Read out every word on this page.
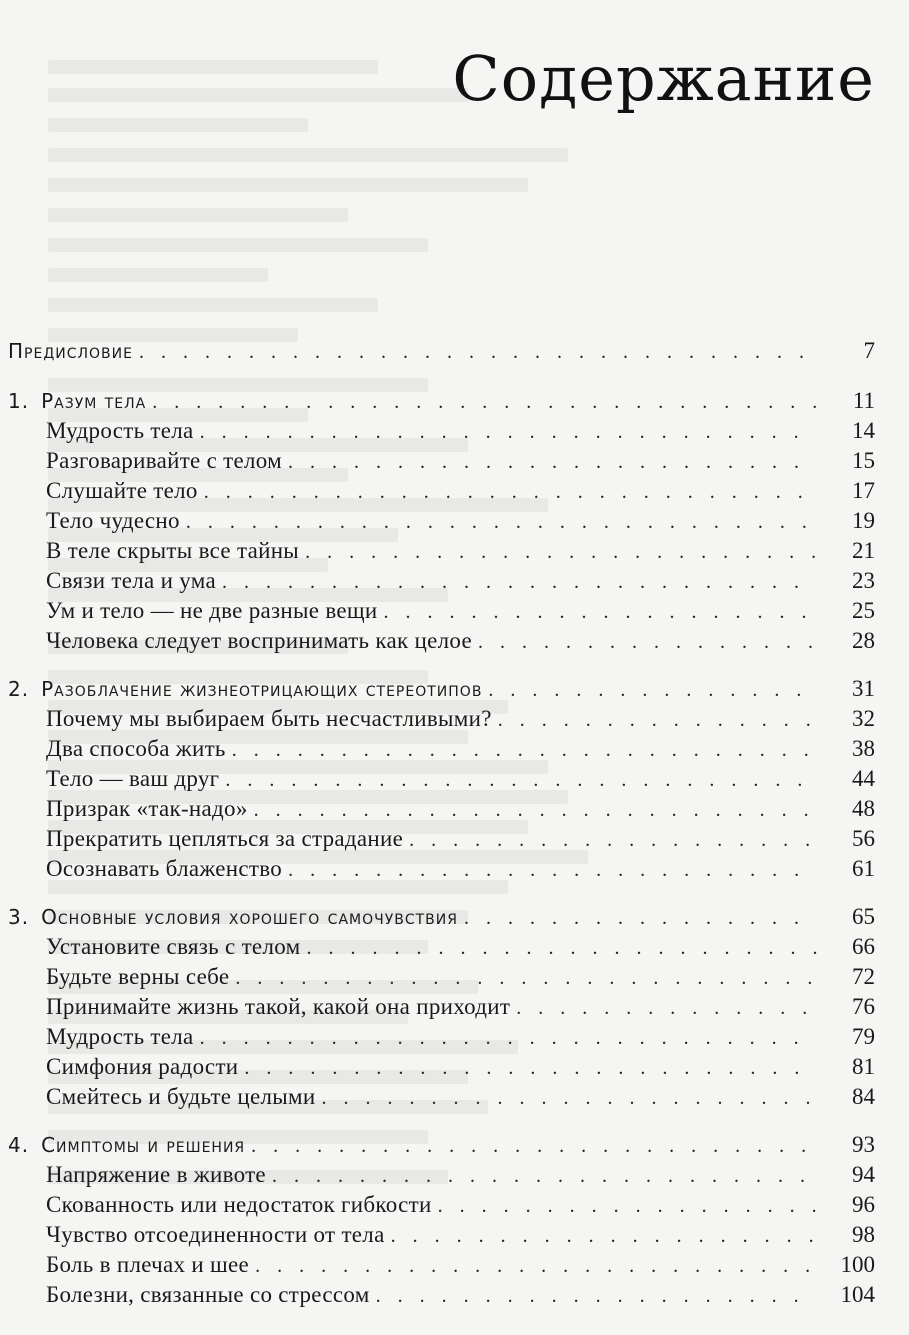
Содержание
Предисловие . . .	7
1. Разум тела . . .	11
Мудрость тела . . .	14
Разговаривайте с телом . . .	15
Слушайте тело . . .	17
Тело чудесно . . .	19
В теле скрыты все тайны . . .	21
Связи тела и ума . . .	23
Ум и тело — не две разные вещи . . .	25
Человека следует воспринимать как целое . . .	28
2. Разоблачение жизнеотрицающих стереотипов . . .	31
Почему мы выбираем быть несчастливыми? . . .	32
Два способа жить . . .	38
Тело — ваш друг . . .	44
Призрак «так-надо» . . .	48
Прекратить цепляться за страдание . . .	56
Осознавать блаженство . . .	61
3. Основные условия хорошего самочувствия . . .	65
Установите связь с телом . . .	66
Будьте верны себе . . .	72
Принимайте жизнь такой, какой она приходит . . .	76
Мудрость тела . . .	79
Симфония радости . . .	81
Смейтесь и будьте целыми . . .	84
4. Симптомы и решения . . .	93
Напряжение в животе . . .	94
Скованность или недостаток гибкости . . .	96
Чувство отсоединенности от тела . . .	98
Боль в плечах и шее . . .	100
Болезни, связанные со стрессом . . .	104
